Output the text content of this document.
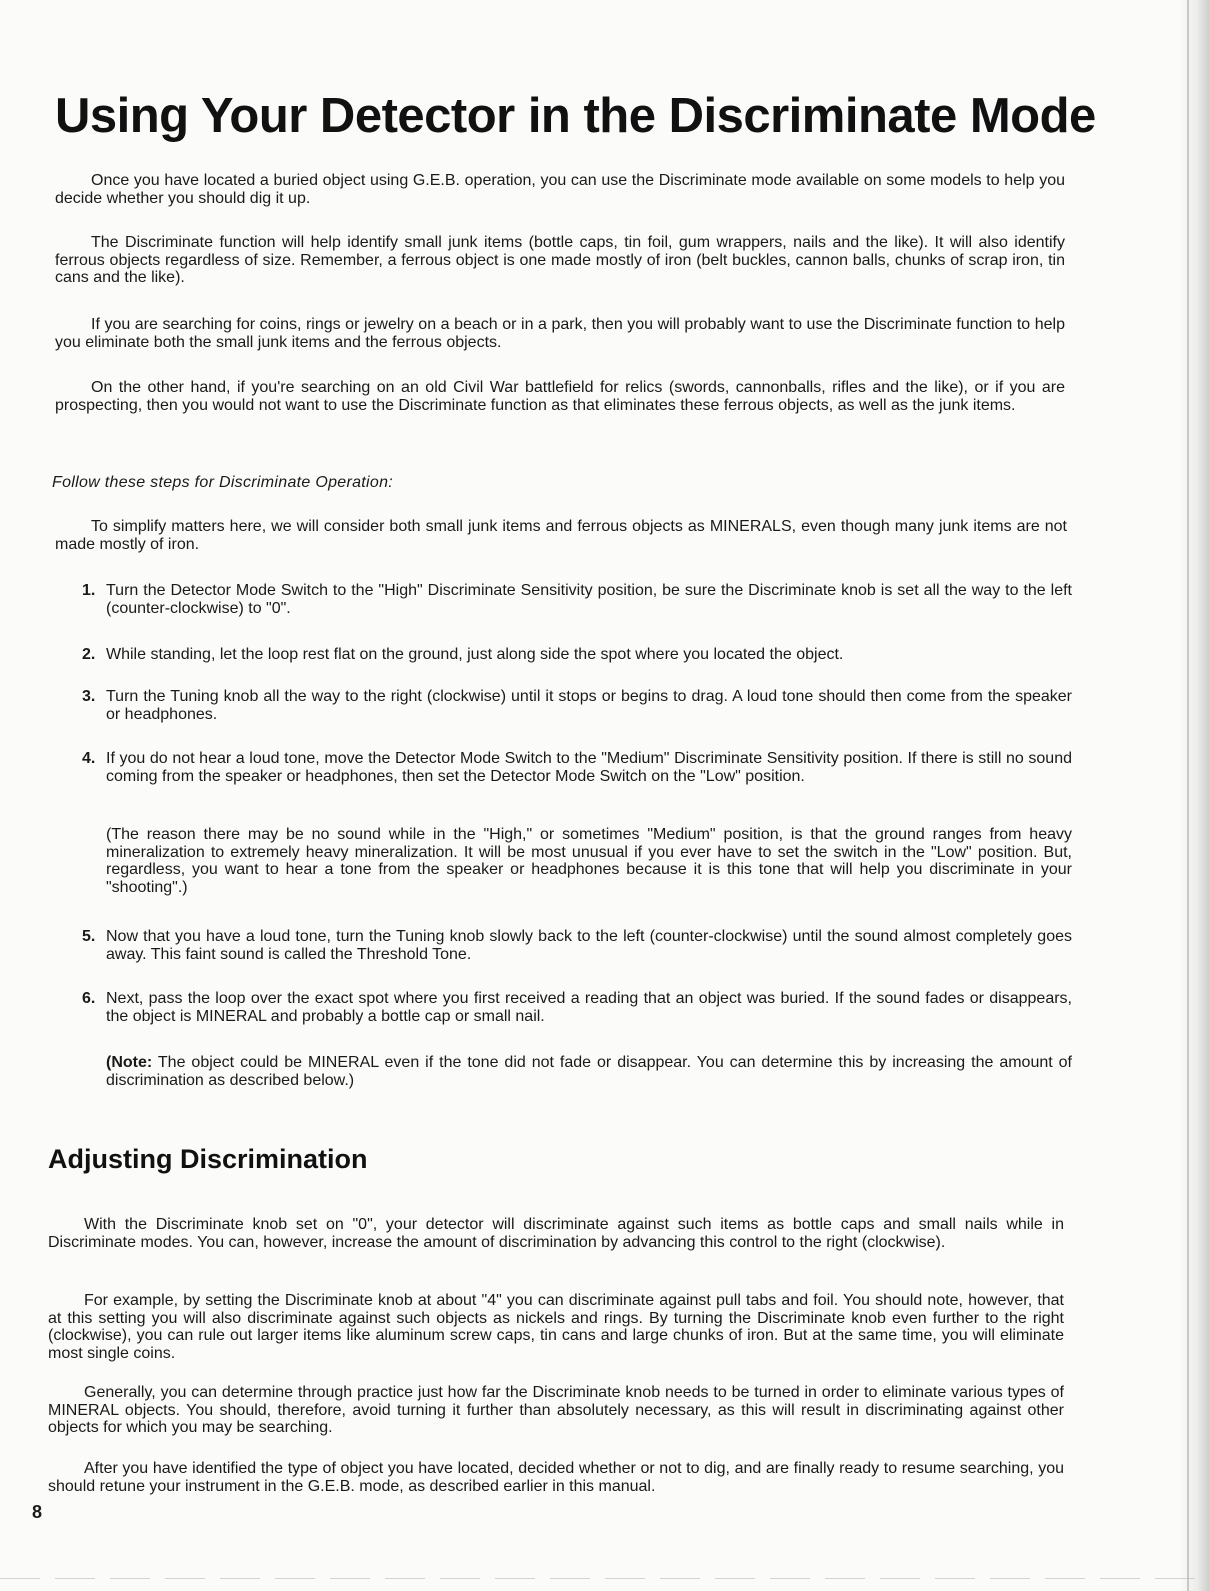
Using Your Detector in the Discriminate Mode

Once you have located a buried object using G.E.B. operation, you can use the Discriminate mode available on some models to help you decide whether you should dig it up.

The Discriminate function will help identify small junk items (bottle caps, tin foil, gum wrappers, nails and the like). It will also identify ferrous objects regardless of size. Remember, a ferrous object is one made mostly of iron (belt buckles, cannon balls, chunks of scrap iron, tin cans and the like).

If you are searching for coins, rings or jewelry on a beach or in a park, then you will probably want to use the Discriminate function to help you eliminate both the small junk items and the ferrous objects.

On the other hand, if you're searching on an old Civil War battlefield for relics (swords, cannonballs, rifles and the like), or if you are prospecting, then you would not want to use the Discriminate function as that eliminates these ferrous objects, as well as the junk items.

Follow these steps for Discriminate Operation:

To simplify matters here, we will consider both small junk items and ferrous objects as MINERALS, even though many junk items are not made mostly of iron.

1. Turn the Detector Mode Switch to the "High" Discriminate Sensitivity position, be sure the Discriminate knob is set all the way to the left (counter-clockwise) to "0".

2. While standing, let the loop rest flat on the ground, just along side the spot where you located the object.

3. Turn the Tuning knob all the way to the right (clockwise) until it stops or begins to drag. A loud tone should then come from the speaker or headphones.

4. If you do not hear a loud tone, move the Detector Mode Switch to the "Medium" Discriminate Sensitivity position. If there is still no sound coming from the speaker or headphones, then set the Detector Mode Switch on the "Low" position.

(The reason there may be no sound while in the "High," or sometimes "Medium" position, is that the ground ranges from heavy mineralization to extremely heavy mineralization. It will be most unusual if you ever have to set the switch in the "Low" position. But, regardless, you want to hear a tone from the speaker or headphones because it is this tone that will help you discriminate in your "shooting".)

5. Now that you have a loud tone, turn the Tuning knob slowly back to the left (counter-clockwise) until the sound almost completely goes away. This faint sound is called the Threshold Tone.

6. Next, pass the loop over the exact spot where you first received a reading that an object was buried. If the sound fades or disappears, the object is MINERAL and probably a bottle cap or small nail.

(Note: The object could be MINERAL even if the tone did not fade or disappear. You can determine this by increasing the amount of discrimination as described below.)

Adjusting Discrimination

With the Discriminate knob set on "0", your detector will discriminate against such items as bottle caps and small nails while in Discriminate modes. You can, however, increase the amount of discrimination by advancing this control to the right (clockwise).

For example, by setting the Discriminate knob at about "4" you can discriminate against pull tabs and foil. You should note, however, that at this setting you will also discriminate against such objects as nickels and rings. By turning the Discriminate knob even further to the right (clockwise), you can rule out larger items like aluminum screw caps, tin cans and large chunks of iron. But at the same time, you will eliminate most single coins.

Generally, you can determine through practice just how far the Discriminate knob needs to be turned in order to eliminate various types of MINERAL objects. You should, therefore, avoid turning it further than absolutely necessary, as this will result in discriminating against other objects for which you may be searching.

After you have identified the type of object you have located, decided whether or not to dig, and are finally ready to resume searching, you should retune your instrument in the G.E.B. mode, as described earlier in this manual.

8
